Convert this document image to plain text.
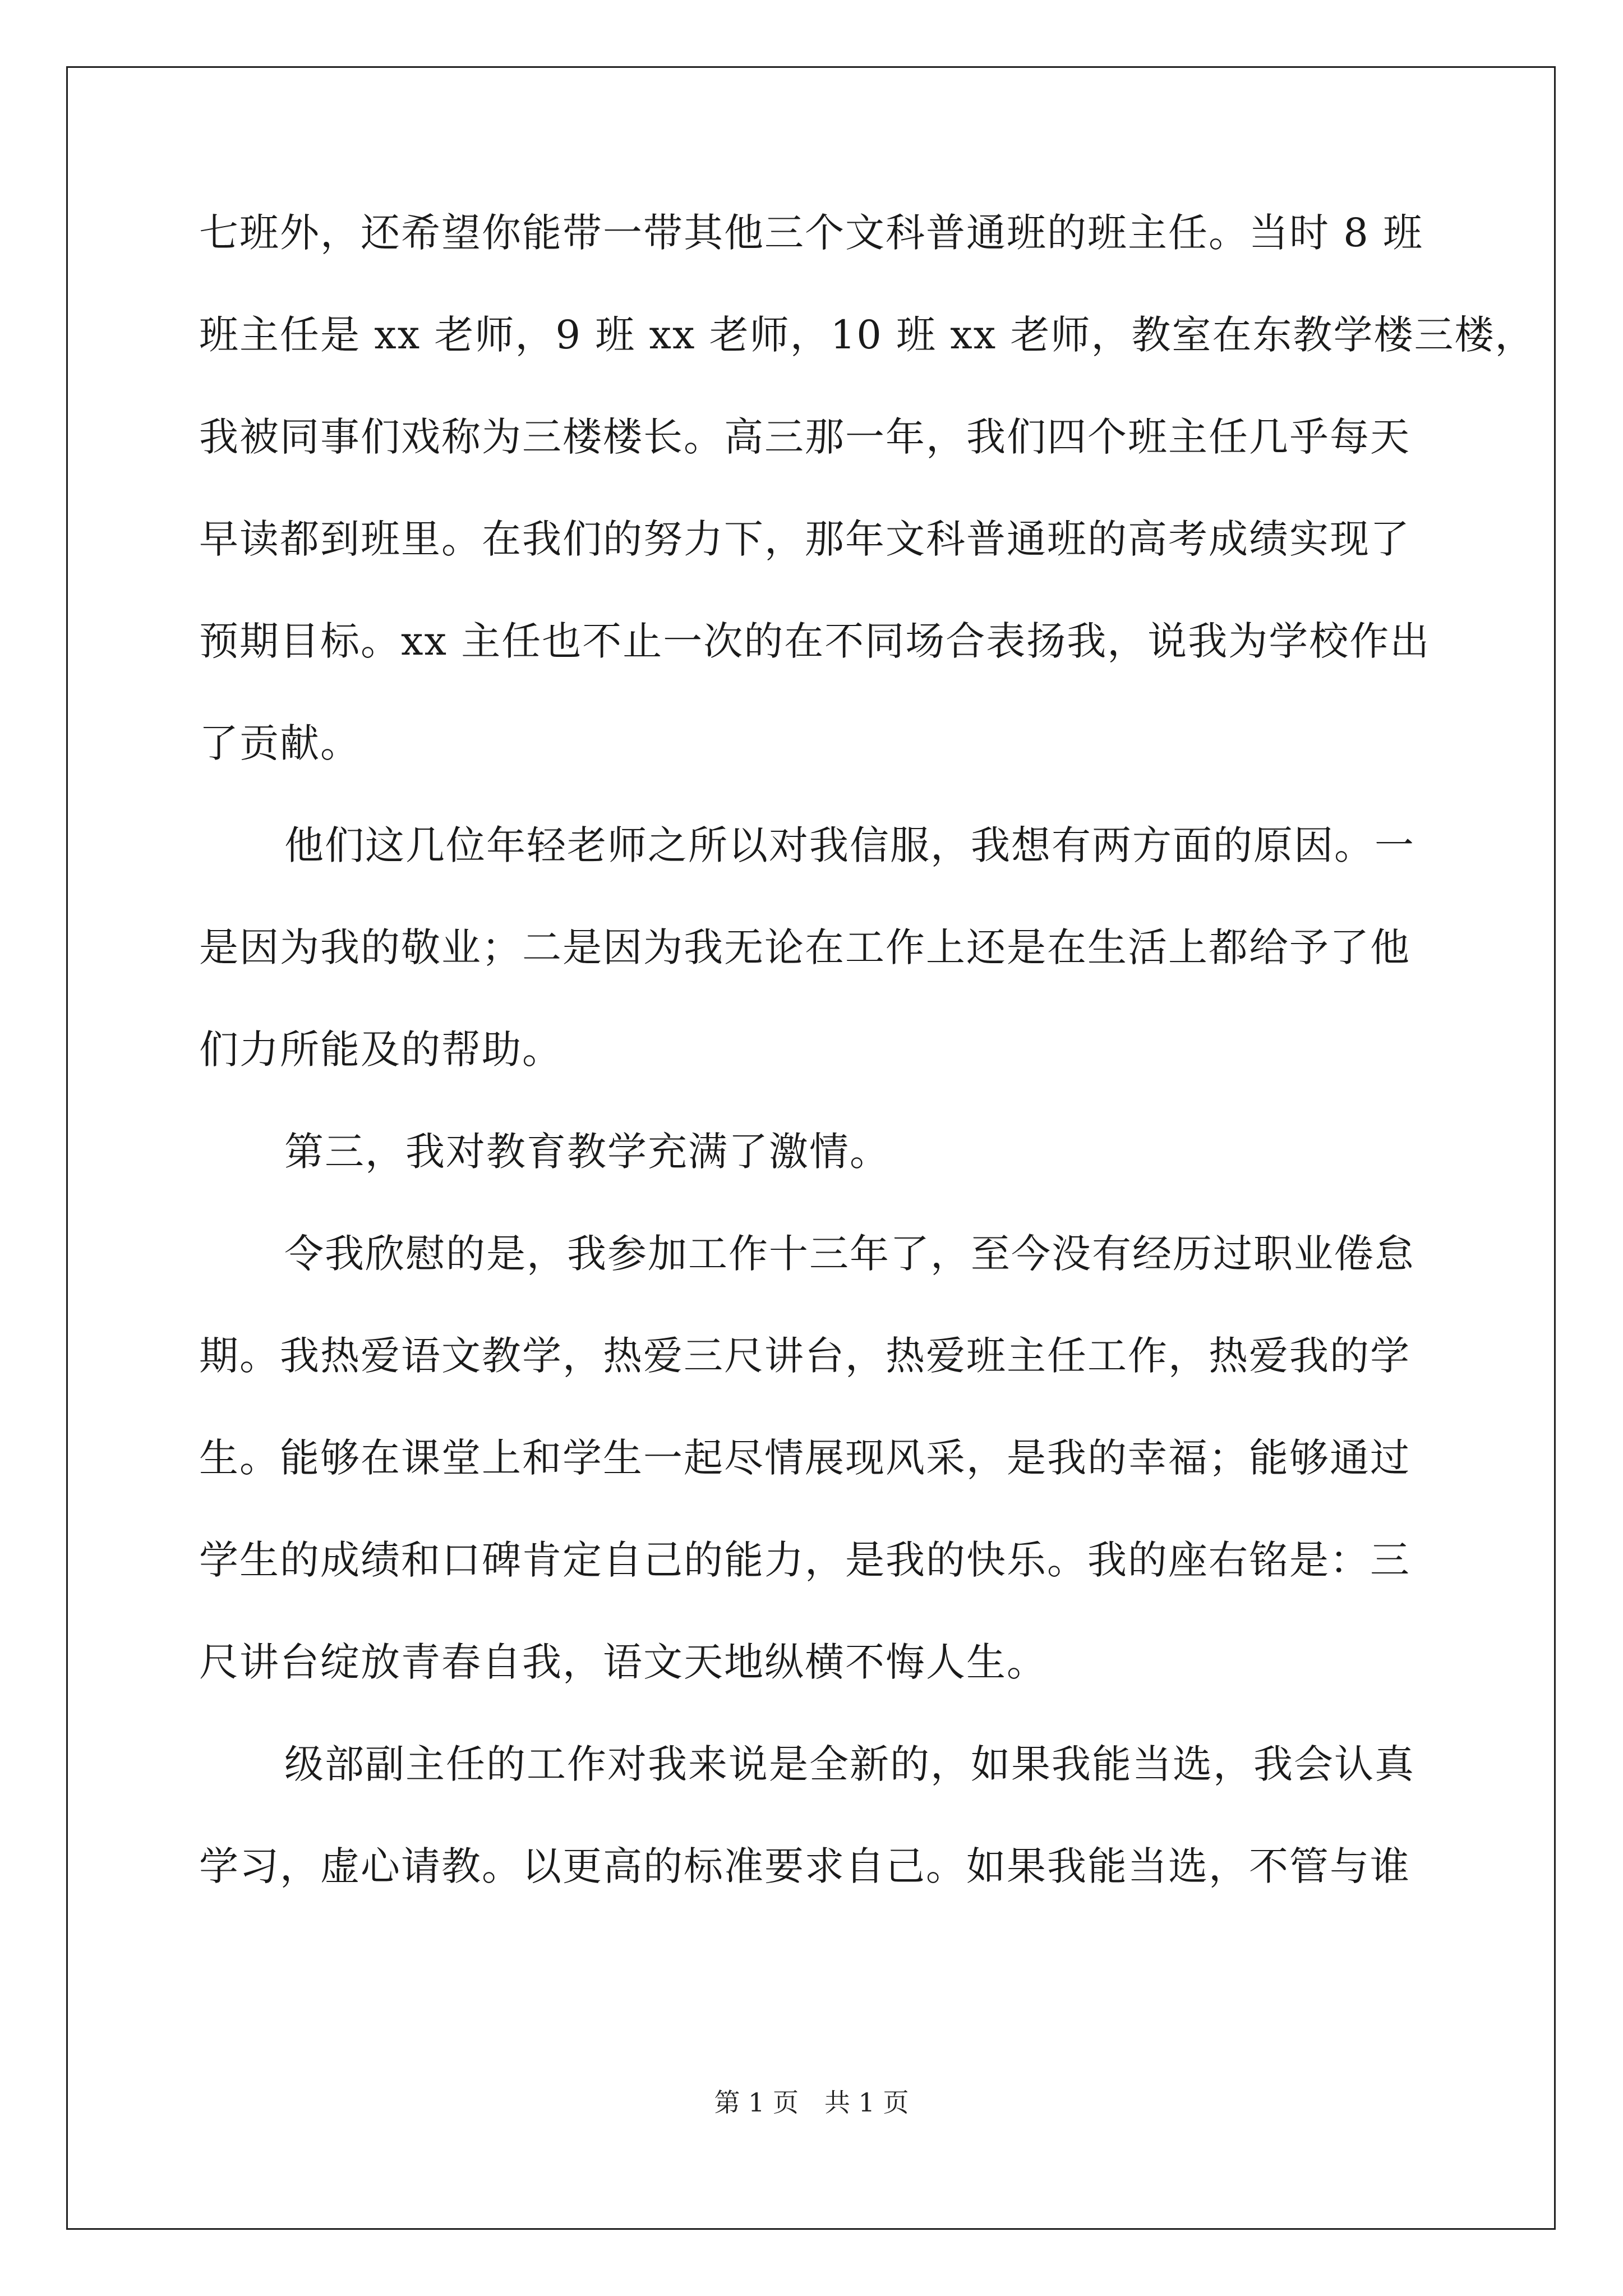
七班外，还希望你能带一带其他三个文科普通班的班主任。当时 8 班
班主任是 xx 老师，9 班 xx 老师，10 班 xx 老师，教室在东教学楼三楼，
我被同事们戏称为三楼楼长。高三那一年，我们四个班主任几乎每天
早读都到班里。在我们的努力下，那年文科普通班的高考成绩实现了
预期目标。xx 主任也不止一次的在不同场合表扬我，说我为学校作出
了贡献。
他们这几位年轻老师之所以对我信服，我想有两方面的原因。一
是因为我的敬业；二是因为我无论在工作上还是在生活上都给予了他
们力所能及的帮助。
第三，我对教育教学充满了激情。
令我欣慰的是，我参加工作十三年了，至今没有经历过职业倦怠
期。我热爱语文教学，热爱三尺讲台，热爱班主任工作，热爱我的学
生。能够在课堂上和学生一起尽情展现风采，是我的幸福；能够通过
学生的成绩和口碑肯定自己的能力，是我的快乐。我的座右铭是：三
尺讲台绽放青春自我，语文天地纵横不悔人生。
级部副主任的工作对我来说是全新的，如果我能当选，我会认真
学习，虚心请教。以更高的标准要求自己。如果我能当选，不管与谁
第 1 页 共 1 页
